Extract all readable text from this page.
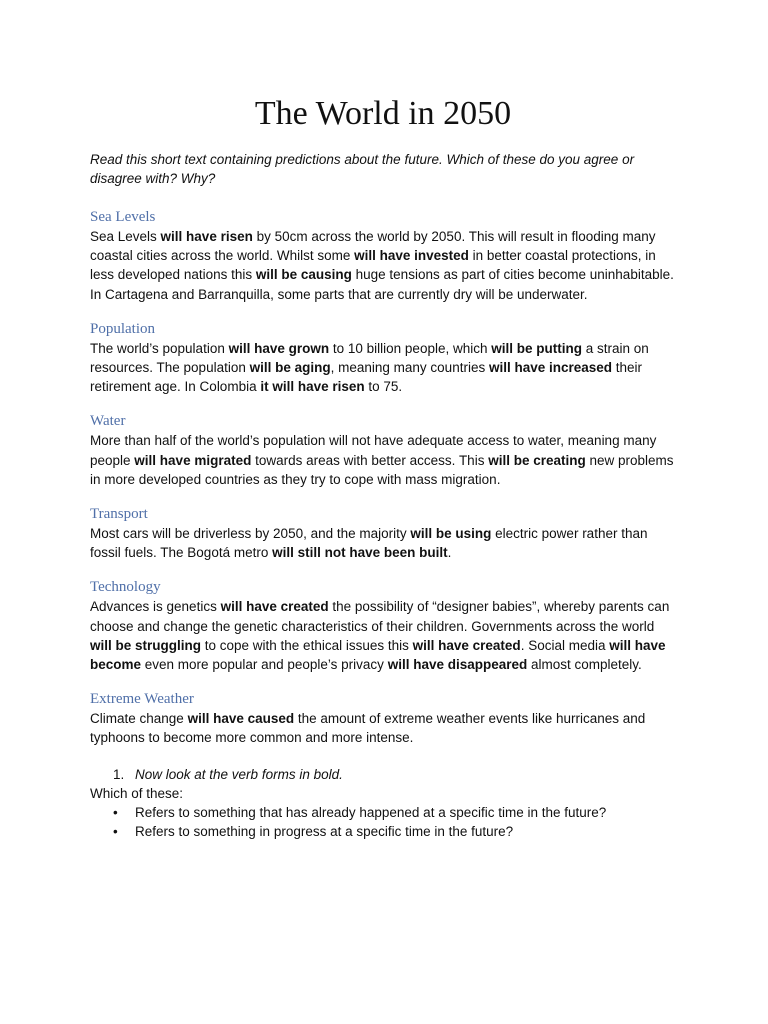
The World in 2050

Read this short text containing predictions about the future. Which of these do you agree or disagree with? Why?

Sea Levels

Sea Levels will have risen by 50cm across the world by 2050. This will result in flooding many coastal cities across the world. Whilst some will have invested in better coastal protections, in less developed nations this will be causing huge tensions as part of cities become uninhabitable. In Cartagena and Barranquilla, some parts that are currently dry will be underwater.

Population

The world’s population will have grown to 10 billion people, which will be putting a strain on resources. The population will be aging, meaning many countries will have increased their retirement age. In Colombia it will have risen to 75.

Water

More than half of the world’s population will not have adequate access to water, meaning many people will have migrated towards areas with better access. This will be creating new problems in more developed countries as they try to cope with mass migration.

Transport

Most cars will be driverless by 2050, and the majority will be using electric power rather than fossil fuels. The Bogotá metro will still not have been built.

Technology

Advances is genetics will have created the possibility of “designer babies”, whereby parents can choose and change the genetic characteristics of their children. Governments across the world will be struggling to cope with the ethical issues this will have created. Social media will have become even more popular and people’s privacy will have disappeared almost completely.

Extreme Weather

Climate change will have caused the amount of extreme weather events like hurricanes and typhoons to become more common and more intense.

1. Now look at the verb forms in bold.

Which of these:

• Refers to something that has already happened at a specific time in the future?
• Refers to something in progress at a specific time in the future?
